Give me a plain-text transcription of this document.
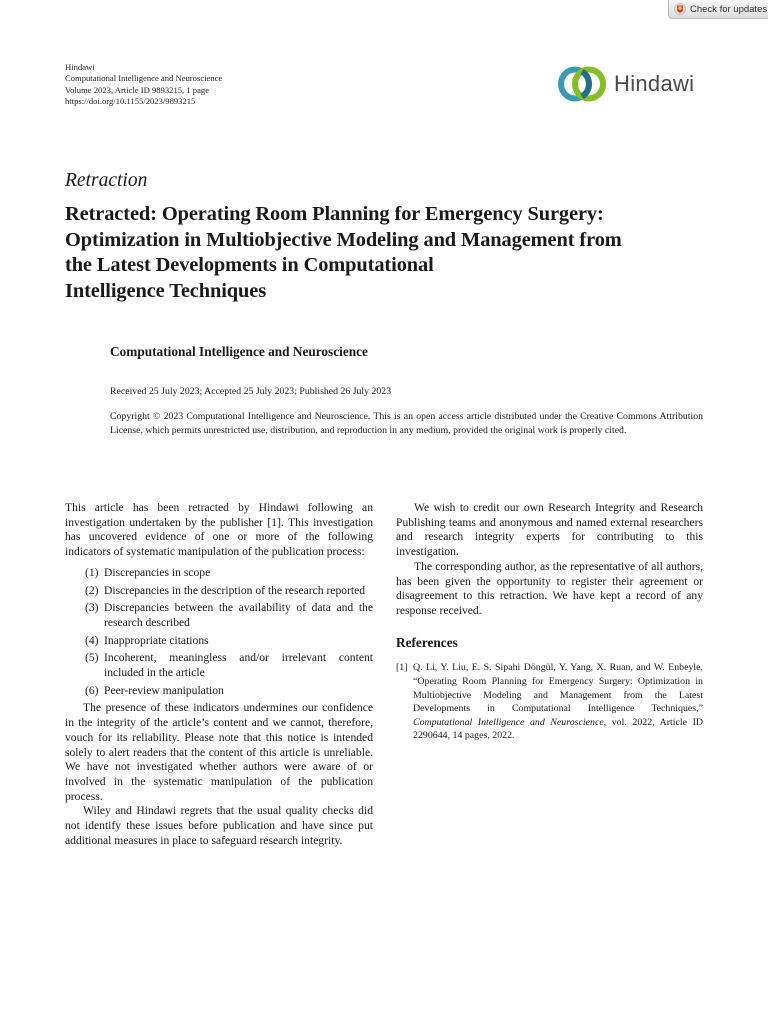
Check for updates
Hindawi
Computational Intelligence and Neuroscience
Volume 2023, Article ID 9893215, 1 page
https://doi.org/10.1155/2023/9893215
Hindawi
Retraction
Retracted: Operating Room Planning for Emergency Surgery:
Optimization in Multiobjective Modeling and Management from
the Latest Developments in Computational
Intelligence Techniques
Computational Intelligence and Neuroscience
Received 25 July 2023; Accepted 25 July 2023; Published 26 July 2023
Copyright © 2023 Computational Intelligence and Neuroscience. This is an open access article distributed under the Creative Commons Attribution License, which permits unrestricted use, distribution, and reproduction in any medium, provided the original work is properly cited.

This article has been retracted by Hindawi following an investigation undertaken by the publisher [1]. This investigation has uncovered evidence of one or more of the following indicators of systematic manipulation of the publication process:

(1) Discrepancies in scope
(2) Discrepancies in the description of the research reported
(3) Discrepancies between the availability of data and the research described
(4) Inappropriate citations
(5) Incoherent, meaningless and/or irrelevant content included in the article
(6) Peer-review manipulation

The presence of these indicators undermines our confidence in the integrity of the article’s content and we cannot, therefore, vouch for its reliability. Please note that this notice is intended solely to alert readers that the content of this article is unreliable. We have not investigated whether authors were aware of or involved in the systematic manipulation of the publication process.

Wiley and Hindawi regrets that the usual quality checks did not identify these issues before publication and have since put additional measures in place to safeguard research integrity.

We wish to credit our own Research Integrity and Research Publishing teams and anonymous and named external researchers and research integrity experts for contributing to this investigation.

The corresponding author, as the representative of all authors, has been given the opportunity to register their agreement or disagreement to this retraction. We have kept a record of any response received.

References
[1] Q. Li, Y. Liu, E. S. Sipahi Döngül, Y. Yang, X. Ruan, and W. Enbeyle, “Operating Room Planning for Emergency Surgery: Optimization in Multiobjective Modeling and Management from the Latest Developments in Computational Intelligence Techniques,” Computational Intelligence and Neuroscience, vol. 2022, Article ID 2290644, 14 pages, 2022.
